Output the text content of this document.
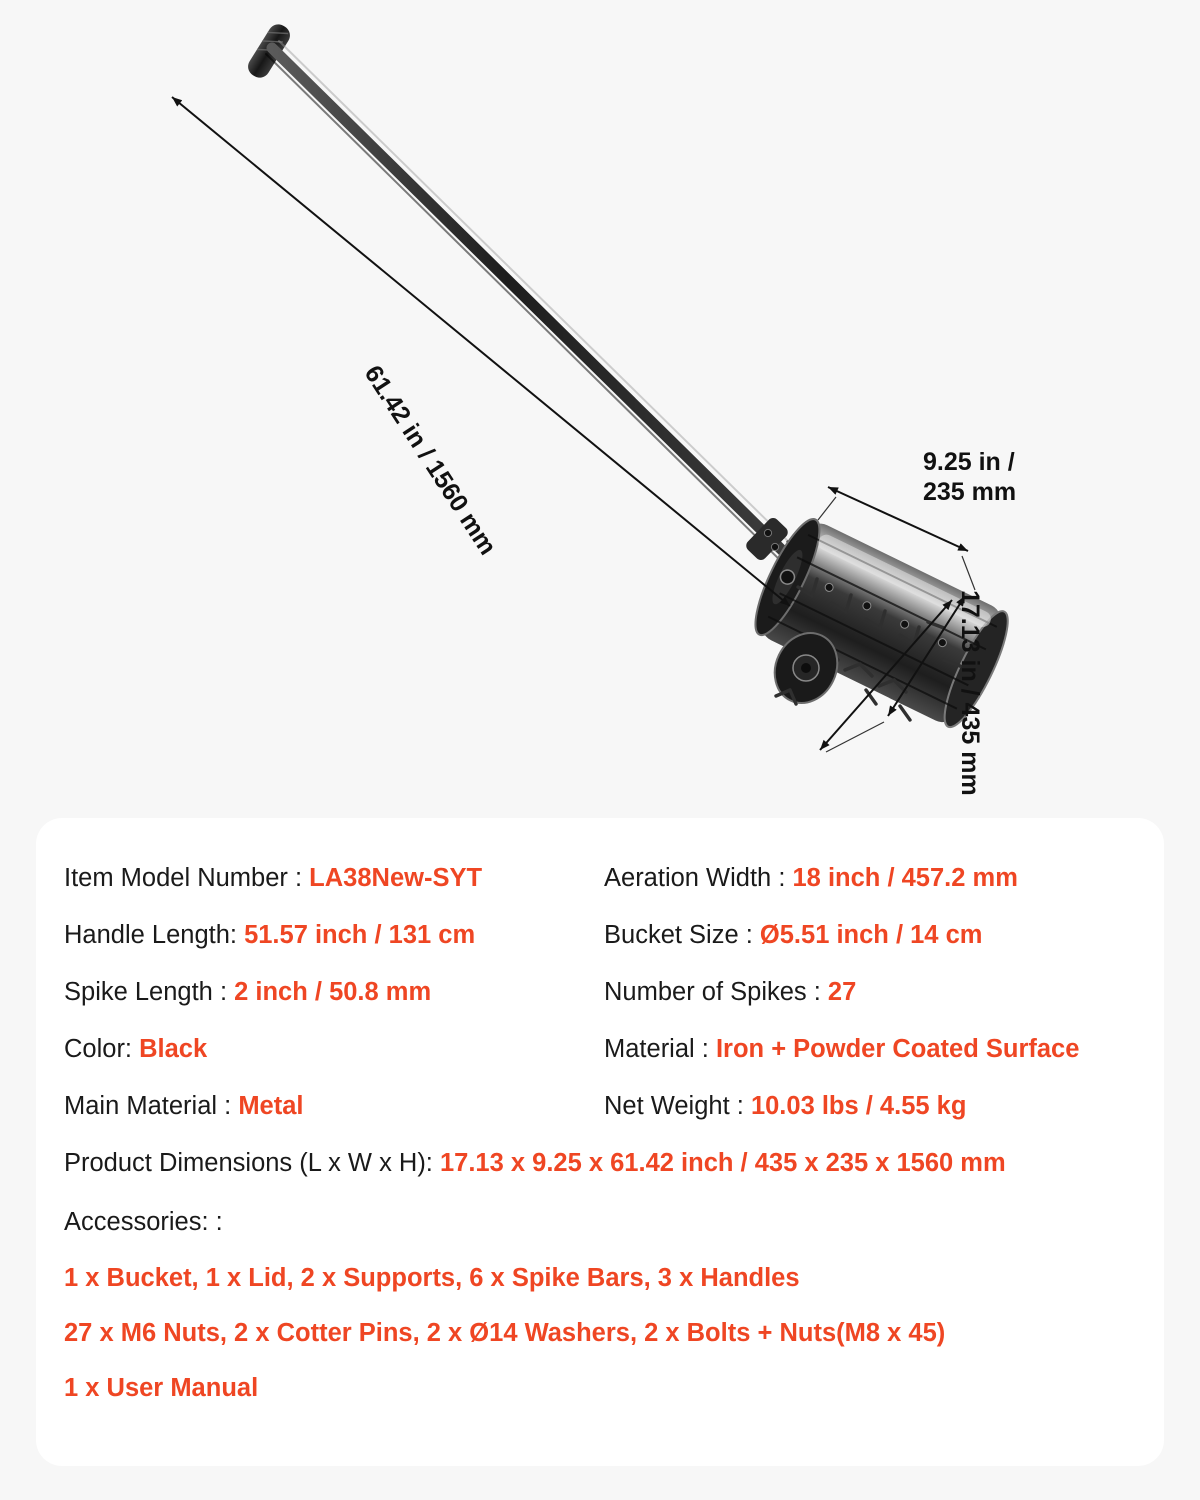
61.42 in / 1560 mm	9.25 in /
235 mm
17.13 in / 435 mm
Item Model Number : LA38New-SYT	Aeration Width : 18 inch / 457.2 mm
Handle Length: 51.57 inch / 131 cm	Bucket Size : Ø5.51 inch / 14 cm
Spike Length : 2 inch / 50.8 mm	Number of Spikes : 27
Color: Black	Material : Iron + Powder Coated Surface
Main Material : Metal	Net Weight : 10.03 lbs / 4.55 kg
Product Dimensions (L x W x H): 17.13 x 9.25 x 61.42 inch / 435 x 235 x 1560 mm
Accessories: :
1 x Bucket, 1 x Lid, 2 x Supports, 6 x Spike Bars, 3 x Handles
27 x M6 Nuts, 2 x Cotter Pins, 2 x Ø14 Washers, 2 x Bolts + Nuts(M8 x 45)
1 x User Manual
